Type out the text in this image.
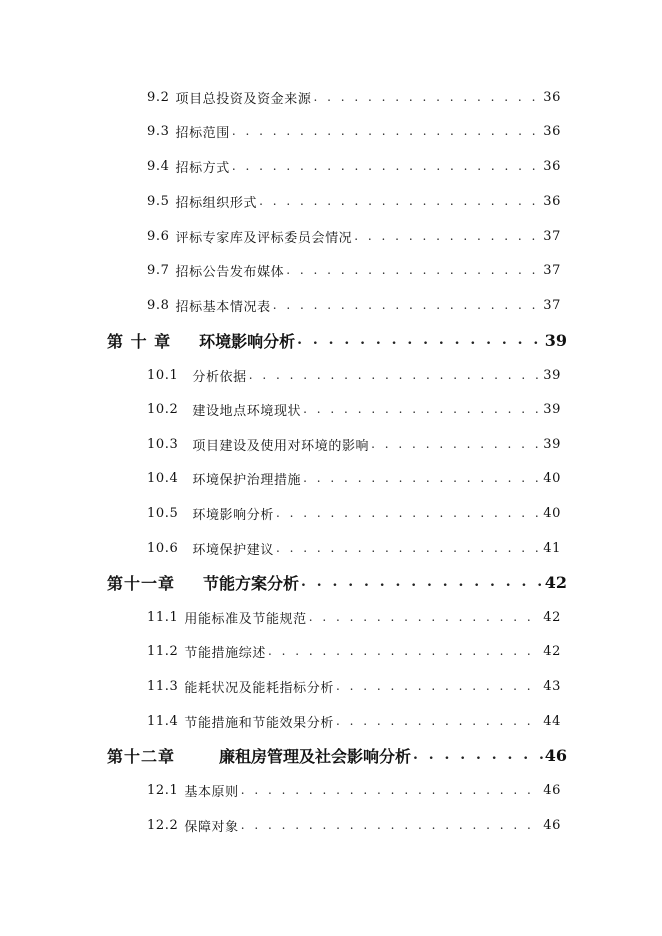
9.2 项目总投资及资金来源 . . .	36
9.3 招标范围 . . .	36
9.4 招标方式 . . .	36
9.5 招标组织形式 . . .	36
9.6 评标专家库及评标委员会情况 . . .	37
9.7 招标公告发布媒体 . . .	37
9.8 招标基本情况表 . . .	37
第 十 章 环境影响分析 . . .	39
10.1 分析依据 . . .	39
10.2 建设地点环境现状 . . .	39
10.3 项目建设及使用对环境的影响 . . .	39
10.4 环境保护治理措施 . . .	40
10.5 环境影响分析 . . .	40
10.6 环境保护建议 . . .	41
第十一章 节能方案分析 . . .	42
11.1 用能标准及节能规范 . . .	42
11.2 节能措施综述 . . .	42
11.3 能耗状况及能耗指标分析 . . .	43
11.4 节能措施和节能效果分析 . . .	44
第十二章	廉租房管理及社会影响分析 . . .	46
12.1 基本原则 . . .	46
12.2 保障对象 . . .	46
